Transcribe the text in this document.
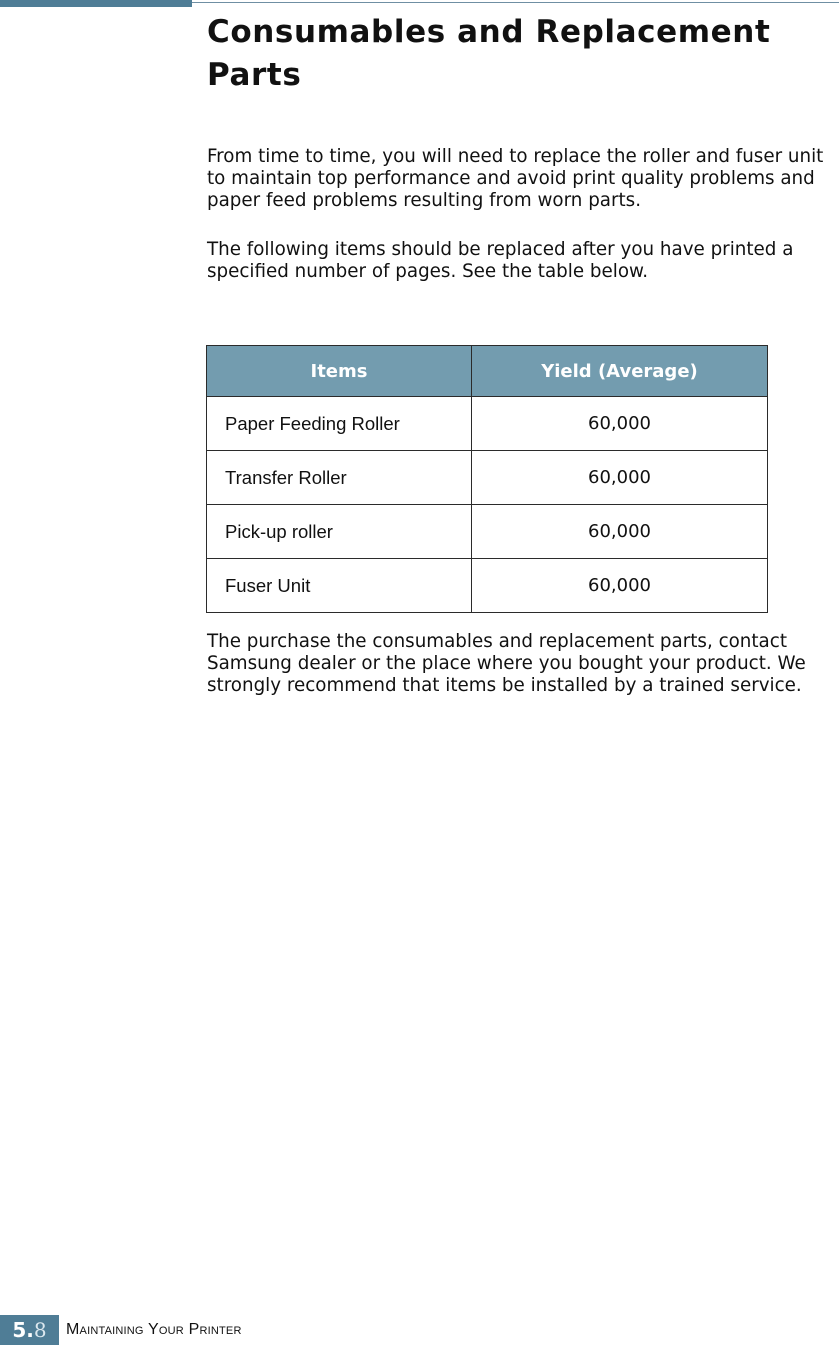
Consumables and Replacement Parts

From time to time, you will need to replace the roller and fuser unit to maintain top performance and avoid print quality problems and paper feed problems resulting from worn parts.

The following items should be replaced after you have printed a specified number of pages. See the table below.

Items	Yield (Average)
Paper Feeding Roller	60,000
Transfer Roller	60,000
Pick-up roller	60,000
Fuser Unit	60,000

The purchase the consumables and replacement parts, contact Samsung dealer or the place where you bought your product. We strongly recommend that items be installed by a trained service.

5.8	Maintaining Your Printer
